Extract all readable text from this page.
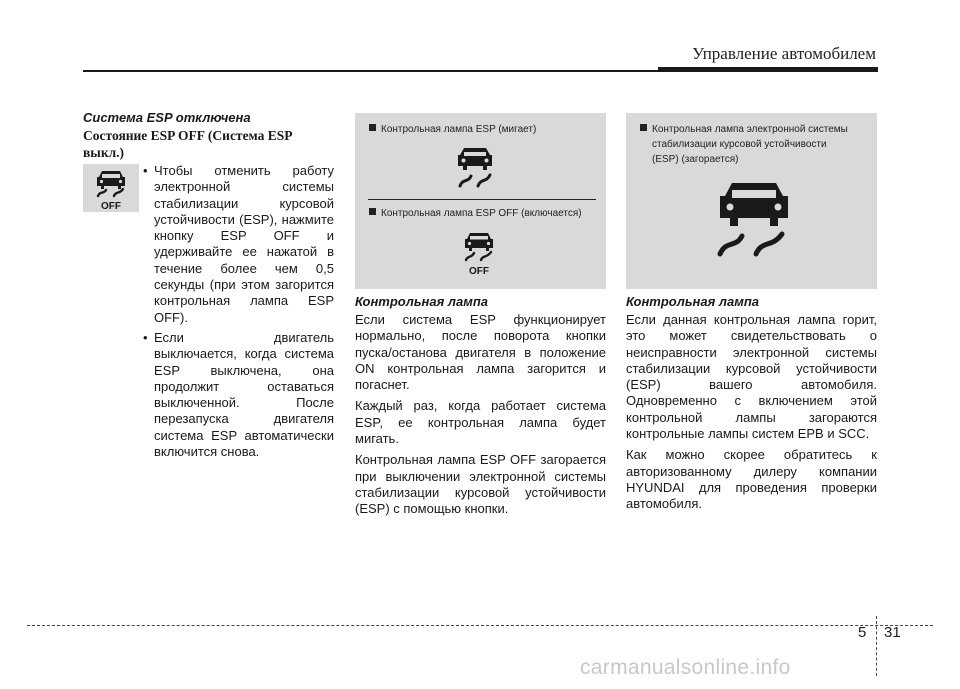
Управление автомобилем
Система ESP отключена
Состояние ESP OFF (Система ESP выкл.)
OFF
• Чтобы отменить работу электронной системы стабилизации курсовой устойчивости (ESP), нажмите кнопку ESP OFF и удерживайте ее нажатой в течение более чем 0,5 секунды (при этом загорится контрольная лампа ESP OFF).
• Если двигатель выключается, когда система ESP выключена, она продолжит оставаться выключенной. После перезапуска двигателя система ESP автоматически включится снова.
Контрольная лампа ESP (мигает)
Контрольная лампа ESP OFF (включается)
OFF
Контрольная лампа электронной системы
стабилизации курсовой устойчивости
(ESP) (загорается)
Контрольная лампа

Если система ESP функционирует нормально, после поворота кнопки пуска/останова двигателя в положение ON контрольная лампа загорится и погаснет.

Каждый раз, когда работает система ESP, ее контрольная лампа будет мигать.

Контрольная лампа ESP OFF загорается при выключении электронной системы стабилизации курсовой устойчивости (ESP) с помощью кнопки.

Контрольная лампа

Если данная контрольная лампа горит, это может свидетельствовать о неисправности электронной системы стабилизации курсовой устойчивости (ESP) вашего автомобиля. Одновременно с включением этой контрольной лампы загораются контрольные лампы систем EPB и SCC.

Как можно скорее обратитесь к авторизованному дилеру компании HYUNDAI для проведения проверки автомобиля.

5 31
carmanualsonline.info
